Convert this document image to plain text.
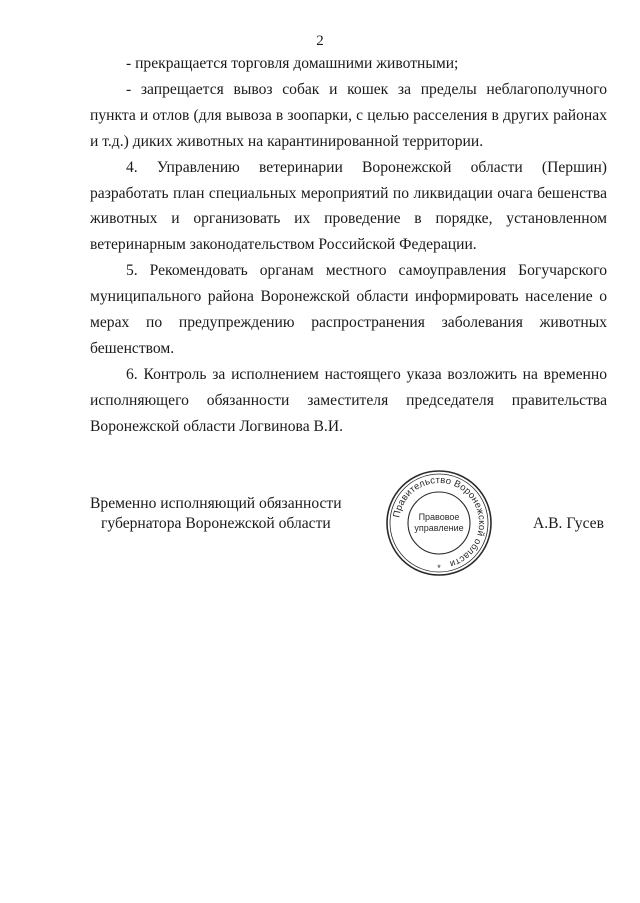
2

- прекращается торговля домашними животными;

- запрещается вывоз собак и кошек за пределы неблагополучного пункта и отлов (для вывоза в зоопарки, с целью расселения в других районах и т.д.) диких животных на карантинированной территории.

4. Управлению ветеринарии Воронежской области (Першин) разработать план специальных мероприятий по ликвидации очага бешенства животных и организовать их проведение в порядке, установленном ветеринарным законодательством Российской Федерации.

5. Рекомендовать органам местного самоуправления Богучарского муниципального района Воронежской области информировать население о мерах по предупреждению распространения заболевания животных бешенством.

6. Контроль за исполнением настоящего указа возложить на временно исполняющего обязанности заместителя председателя правительства Воронежской области Логвинова В.И.

Временно исполняющий обязанности
губернатора Воронежской области
Правительство Воронежской области
Правовое
управление
*
А.В. Гусев
